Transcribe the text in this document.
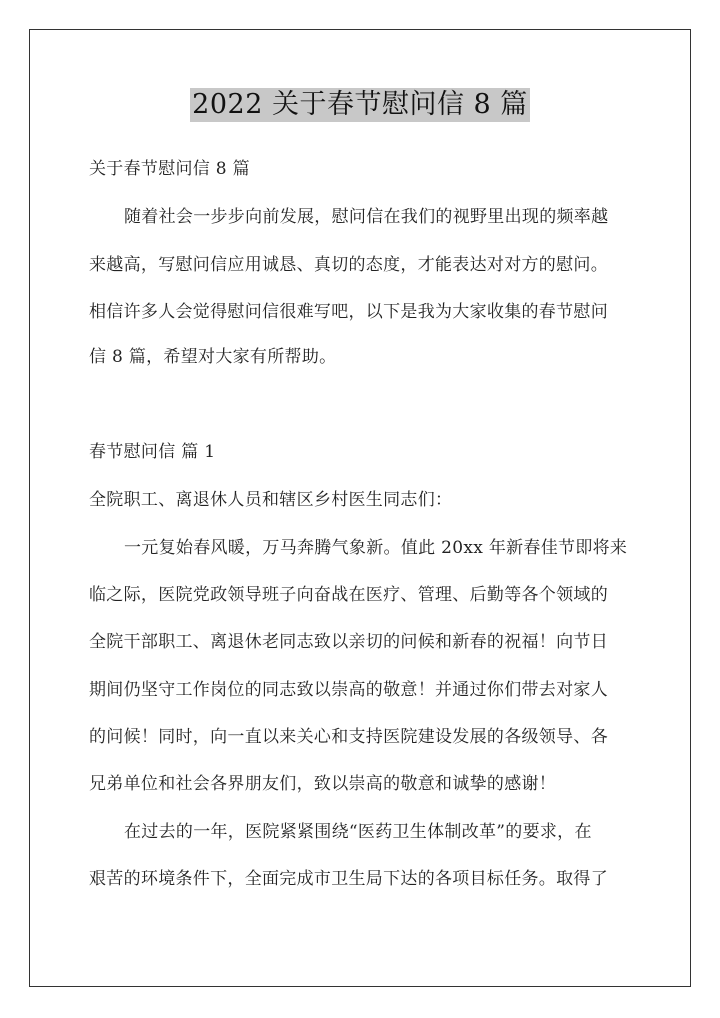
2022 关于春节慰问信 8 篇
关于春节慰问信 8 篇
随着社会一步步向前发展，慰问信在我们的视野里出现的频率越
来越高，写慰问信应用诚恳、真切的态度，才能表达对对方的慰问。
相信许多人会觉得慰问信很难写吧，以下是我为大家收集的春节慰问
信 8 篇，希望对大家有所帮助。
春节慰问信 篇 1
全院职工、离退休人员和辖区乡村医生同志们：
一元复始春风暖，万马奔腾气象新。值此 20xx 年新春佳节即将来
临之际，医院党政领导班子向奋战在医疗、管理、后勤等各个领域的
全院干部职工、离退休老同志致以亲切的问候和新春的祝福！向节日
期间仍坚守工作岗位的同志致以崇高的敬意！并通过你们带去对家人
的问候！同时，向一直以来关心和支持医院建设发展的各级领导、各
兄弟单位和社会各界朋友们，致以崇高的敬意和诚挚的感谢！
在过去的一年，医院紧紧围绕“医药卫生体制改革”的要求，在
艰苦的环境条件下，全面完成市卫生局下达的各项目标任务。取得了
